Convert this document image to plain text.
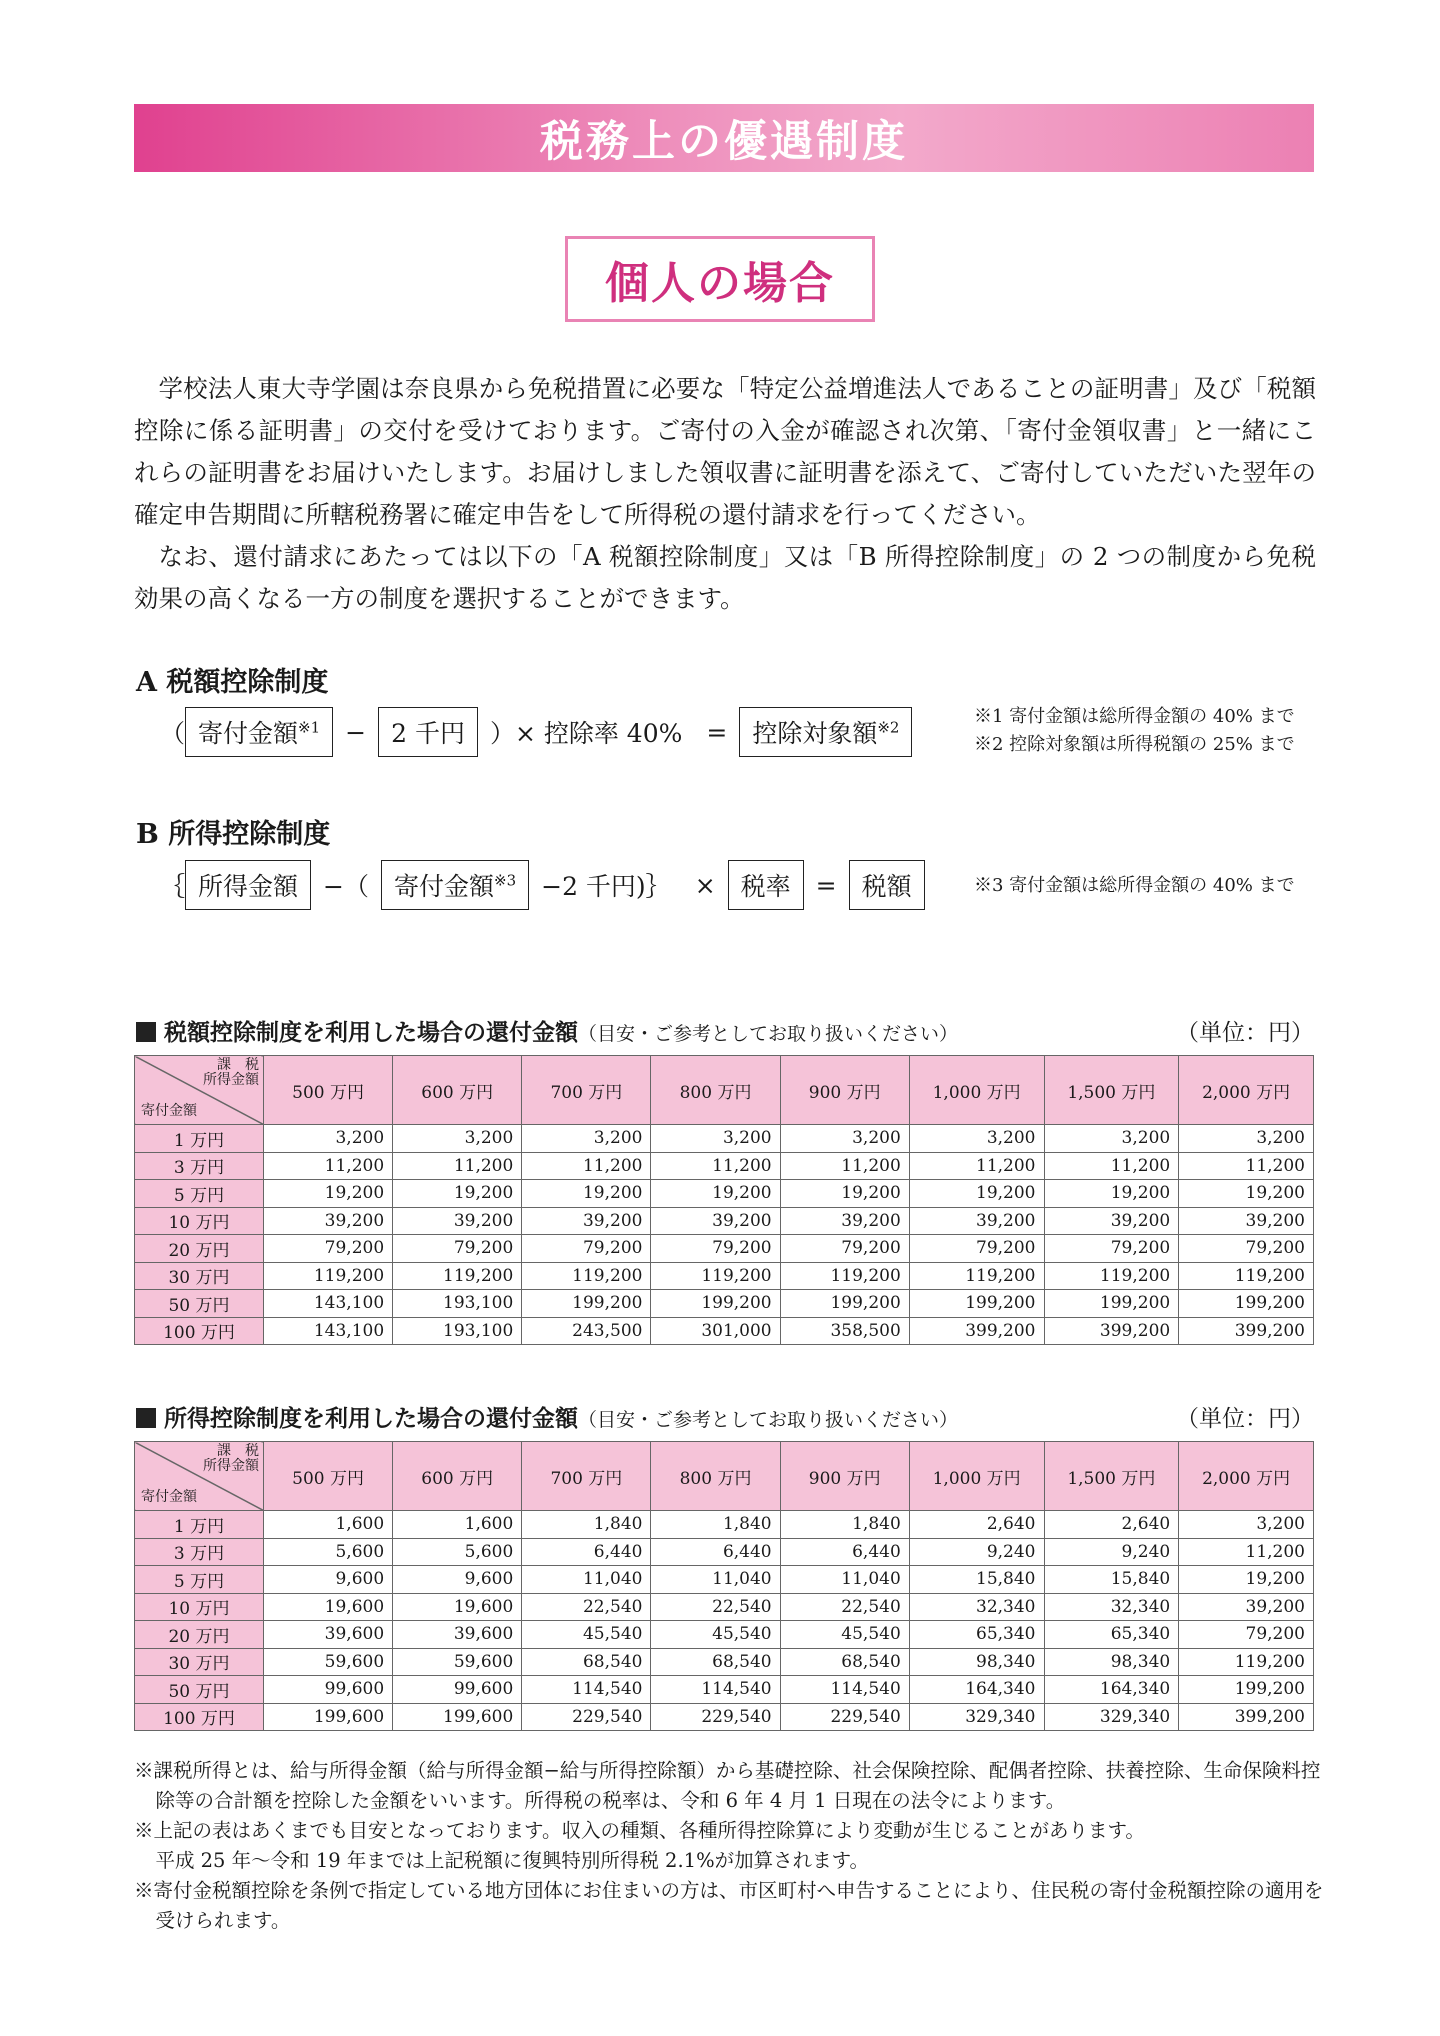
税務上の優遇制度
個人の場合

学校法人東大寺学園は奈良県から免税措置に必要な「特定公益増進法人であることの証明書」及び「税額控除に係る証明書」の交付を受けております。ご寄付の入金が確認され次第、「寄付金領収書」と一緒にこれらの証明書をお届けいたします。お届けしました領収書に証明書を添えて、ご寄付していただいた翌年の確定申告期間に所轄税務署に確定申告をして所得税の還付請求を行ってください。

なお、還付請求にあたっては以下の「A 税額控除制度」又は「B 所得控除制度」の 2 つの制度から免税効果の高くなる一方の制度を選択することができます。

A 税額控除制度
（ 寄付金額$^{※1}$	−	2 千円	）× 控除率 40% =	控除対象額$^{※2}$
※1 寄付金額は総所得金額の 40% まで
※2 控除対象額は所得税額の 25% まで
B 所得控除制度
｛ 所得金額	−（	寄付金額$^{※3}$	−2 千円)｝ ×	税率	=	税額	※3 寄付金額は総所得金額の 40% まで
税額控除制度を利用した場合の還付金額（目安・ご参考としてお取り扱いください）	（単位：円）
課　税
所得金額
寄付金額	500 万円	600 万円	700 万円	800 万円	900 万円	1,000 万円	1,500 万円	2,000 万円
1 万円	3,200	3,200	3,200	3,200	3,200	3,200	3,200	3,200
3 万円	11,200	11,200	11,200	11,200	11,200	11,200	11,200	11,200
5 万円	19,200	19,200	19,200	19,200	19,200	19,200	19,200	19,200
10 万円	39,200	39,200	39,200	39,200	39,200	39,200	39,200	39,200
20 万円	79,200	79,200	79,200	79,200	79,200	79,200	79,200	79,200
30 万円	119,200	119,200	119,200	119,200	119,200	119,200	119,200	119,200
50 万円	143,100	193,100	199,200	199,200	199,200	199,200	199,200	199,200
100 万円	143,100	193,100	243,500	301,000	358,500	399,200	399,200	399,200
所得控除制度を利用した場合の還付金額（目安・ご参考としてお取り扱いください）	（単位：円）
課　税
所得金額
寄付金額	500 万円	600 万円	700 万円	800 万円	900 万円	1,000 万円	1,500 万円	2,000 万円
1 万円	1,600	1,600	1,840	1,840	1,840	2,640	2,640	3,200
3 万円	5,600	5,600	6,440	6,440	6,440	9,240	9,240	11,200
5 万円	9,600	9,600	11,040	11,040	11,040	15,840	15,840	19,200
10 万円	19,600	19,600	22,540	22,540	22,540	32,340	32,340	39,200
20 万円	39,600	39,600	45,540	45,540	45,540	65,340	65,340	79,200
30 万円	59,600	59,600	68,540	68,540	68,540	98,340	98,340	119,200
50 万円	99,600	99,600	114,540	114,540	114,540	164,340	164,340	199,200
100 万円	199,600	199,600	229,540	229,540	229,540	329,340	329,340	399,200

※課税所得とは、給与所得金額（給与所得金額−給与所得控除額）から基礎控除、社会保険控除、配偶者控除、扶養控除、生命保険料控除等の合計額を控除した金額をいいます。所得税の税率は、令和 6 年 4 月 1 日現在の法令によります。

※上記の表はあくまでも目安となっております。収入の種類、各種所得控除算により変動が生じることがあります。

平成 25 年〜令和 19 年までは上記税額に復興特別所得税 2.1%が加算されます。

※寄付金税額控除を条例で指定している地方団体にお住まいの方は、市区町村へ申告することにより、住民税の寄付金税額控除の適用を受けられます。
